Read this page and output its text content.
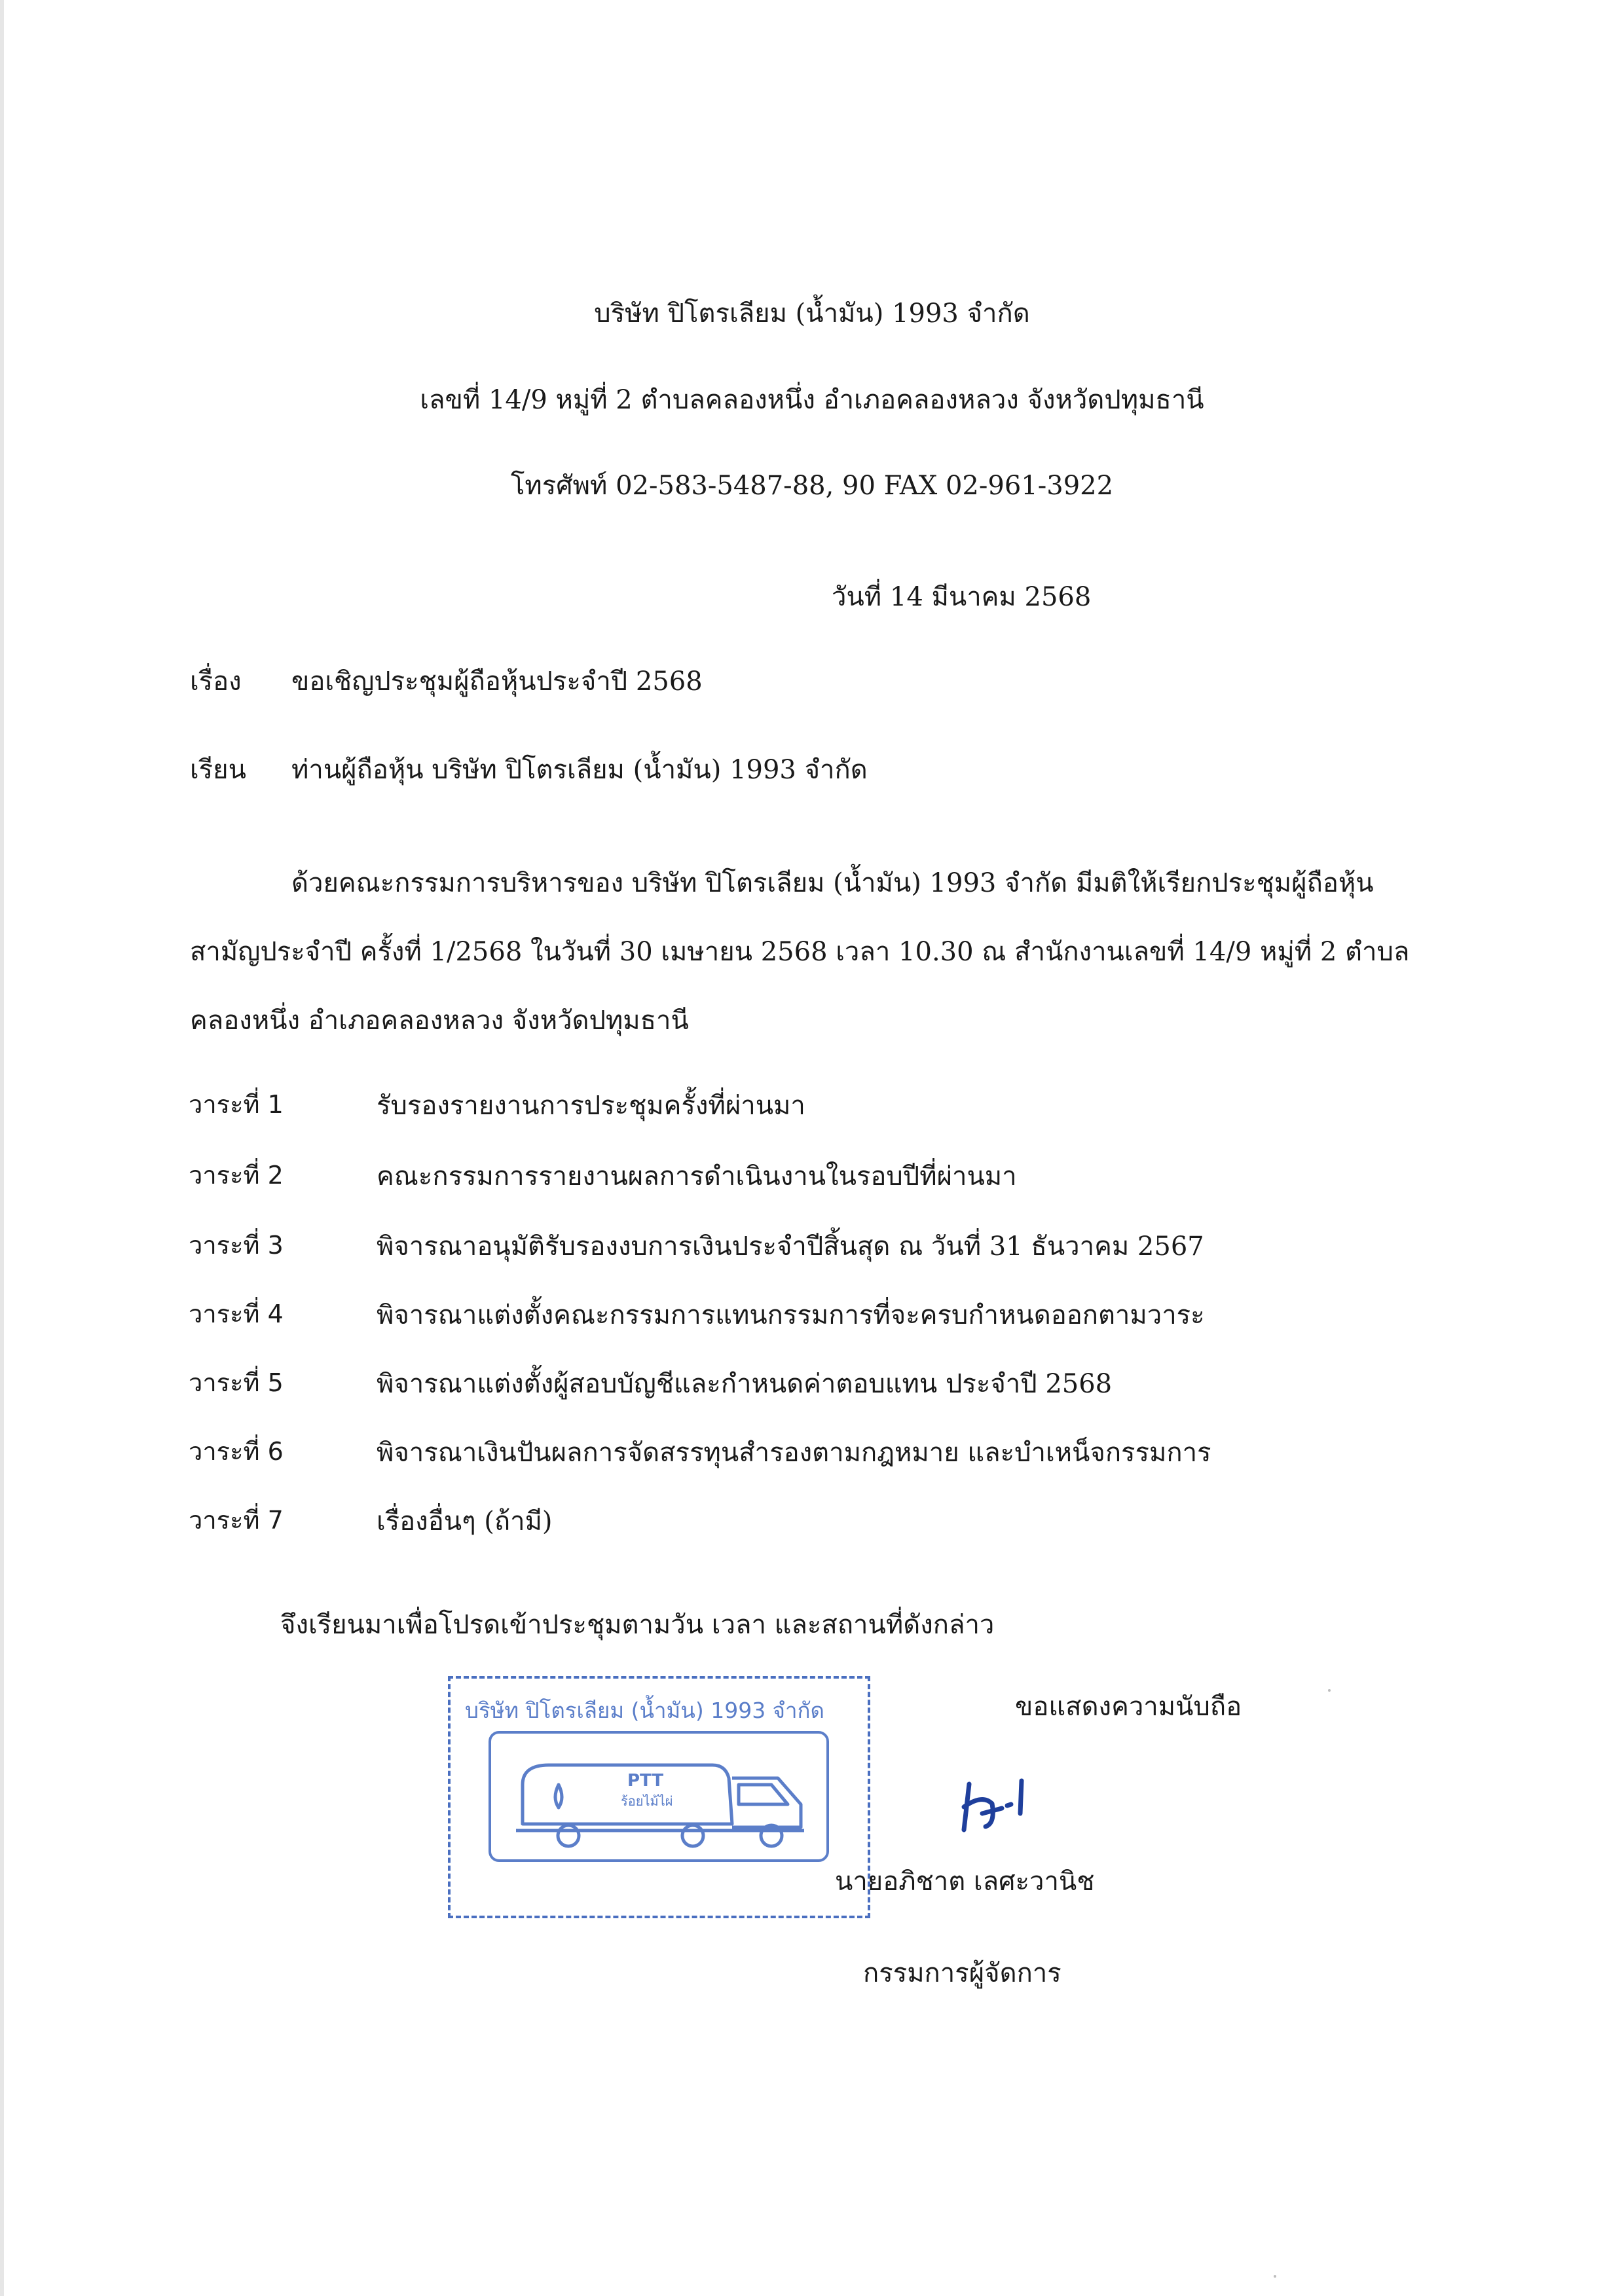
บริษัท ปิโตรเลียม (น้ำมัน) 1993 จำกัด
เลขที่ 14/9 หมู่ที่ 2 ตำบลคลองหนึ่ง อำเภอคลองหลวง จังหวัดปทุมธานี
โทรศัพท์ 02-583-5487-88, 90 FAX 02-961-3922
วันที่ 14 มีนาคม 2568
เรื่อง ขอเชิญประชุมผู้ถือหุ้นประจำปี 2568
เรียน ท่านผู้ถือหุ้น บริษัท ปิโตรเลียม (น้ำมัน) 1993 จำกัด
ด้วยคณะกรรมการบริหารของ บริษัท ปิโตรเลียม (น้ำมัน) 1993 จำกัด มีมติให้เรียกประชุมผู้ถือหุ้น
สามัญประจำปี ครั้งที่ 1/2568 ในวันที่ 30 เมษายน 2568 เวลา 10.30 ณ สำนักงานเลขที่ 14/9 หมู่ที่ 2 ตำบล
คลองหนึ่ง อำเภอคลองหลวง จังหวัดปทุมธานี
วาระที่ 1	รับรองรายงานการประชุมครั้งที่ผ่านมา
วาระที่ 2	คณะกรรมการรายงานผลการดำเนินงานในรอบปีที่ผ่านมา
วาระที่ 3	พิจารณาอนุมัติรับรองงบการเงินประจำปีสิ้นสุด ณ วันที่ 31 ธันวาคม 2567
วาระที่ 4	พิจารณาแต่งตั้งคณะกรรมการแทนกรรมการที่จะครบกำหนดออกตามวาระ
วาระที่ 5	พิจารณาแต่งตั้งผู้สอบบัญชีและกำหนดค่าตอบแทน ประจำปี 2568
วาระที่ 6	พิจารณาเงินปันผลการจัดสรรทุนสำรองตามกฎหมาย และบำเหน็จกรรมการ
วาระที่ 7	เรื่องอื่นๆ (ถ้ามี)
จึงเรียนมาเพื่อโปรดเข้าประชุมตามวัน เวลา และสถานที่ดังกล่าว
บริษัท ปิโตรเลียม (น้ำมัน) 1993 จำกัด
PTT
ร้อยไม้ไผ่
ขอแสดงความนับถือ
นายอภิชาต เลศะวานิช
กรรมการผู้จัดการ
